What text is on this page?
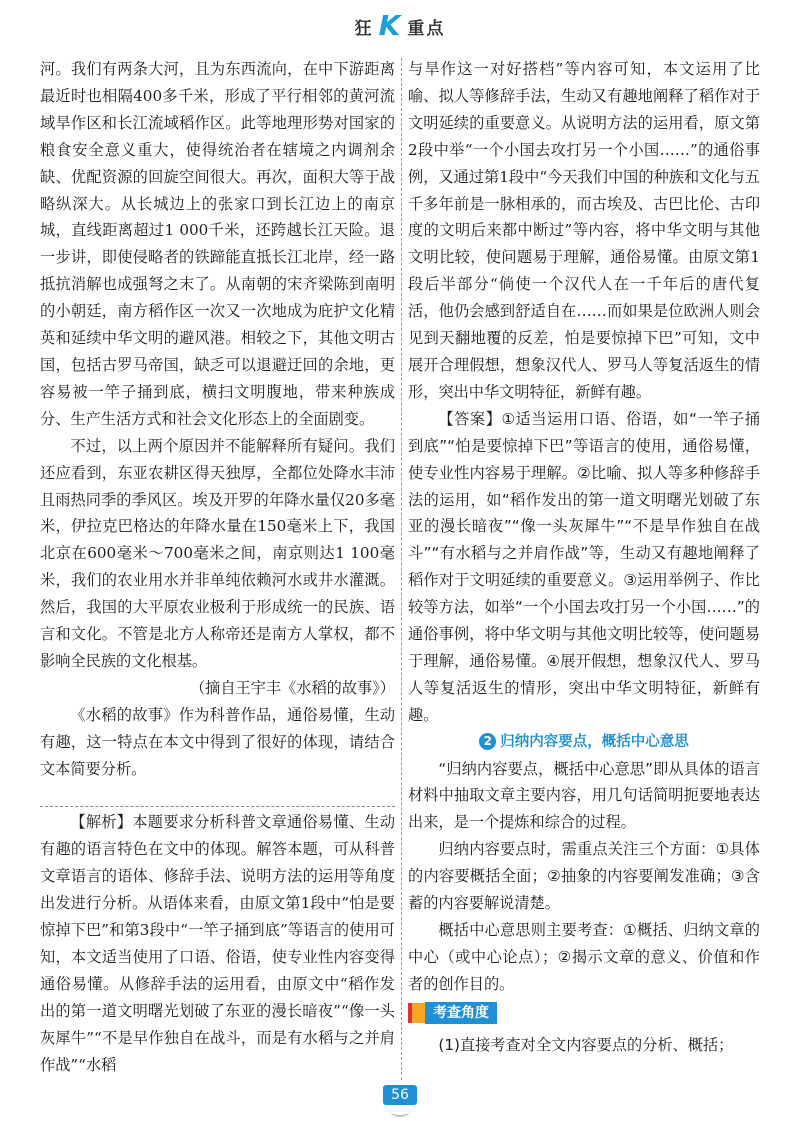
狂 K 重点

河。我们有两条大河，且为东西流向，在中下游距离最近时也相隔400多千米，形成了平行相邻的黄河流域旱作区和长江流域稻作区。此等地理形势对国家的粮食安全意义重大，使得统治者在辖境之内调剂余缺、优配资源的回旋空间很大。再次，面积大等于战略纵深大。从长城边上的张家口到长江边上的南京城，直线距离超过1 000千米，还跨越长江天险。退一步讲，即使侵略者的铁蹄能直抵长江北岸，经一路抵抗消解也成强弩之末了。从南朝的宋齐梁陈到南明的小朝廷，南方稻作区一次又一次地成为庇护文化精英和延续中华文明的避风港。相较之下，其他文明古国，包括古罗马帝国，缺乏可以退避迂回的余地，更容易被一竿子捅到底，横扫文明腹地，带来种族成分、生产生活方式和社会文化形态上的全面剧变。

不过，以上两个原因并不能解释所有疑问。我们还应看到，东亚农耕区得天独厚，全都位处降水丰沛且雨热同季的季风区。埃及开罗的年降水量仅20多毫米，伊拉克巴格达的年降水量在150毫米上下，我国北京在600毫米～700毫米之间，南京则达1 100毫米，我们的农业用水并非单纯依赖河水或井水灌溉。然后，我国的大平原农业极利于形成统一的民族、语言和文化。不管是北方人称帝还是南方人掌权，都不影响全民族的文化根基。

（摘自王宇丰《水稻的故事》）

《水稻的故事》作为科普作品，通俗易懂，生动有趣，这一特点在本文中得到了很好的体现，请结合文本简要分析。

【解析】本题要求分析科普文章通俗易懂、生动有趣的语言特色在文中的体现。解答本题，可从科普文章语言的语体、修辞手法、说明方法的运用等角度出发进行分析。从语体来看，由原文第1段中“怕是要惊掉下巴”和第3段中“一竿子捅到底”等语言的使用可知，本文适当使用了口语、俗语，使专业性内容变得通俗易懂。从修辞手法的运用看，由原文中“稻作发出的第一道文明曙光划破了东亚的漫长暗夜”“像一头灰犀牛”“不是早作独自在战斗，而是有水稻与之并肩作战”“水稻

与旱作这一对好搭档”等内容可知，本文运用了比喻、拟人等修辞手法，生动又有趣地阐释了稻作对于文明延续的重要意义。从说明方法的运用看，原文第2段中举“一个小国去攻打另一个小国……”的通俗事例，又通过第1段中“今天我们中国的种族和文化与五千多年前是一脉相承的，而古埃及、古巴比伦、古印度的文明后来都中断过”等内容，将中华文明与其他文明比较，使问题易于理解，通俗易懂。由原文第1段后半部分“倘使一个汉代人在一千年后的唐代复活，他仍会感到舒适自在……而如果是位欧洲人则会见到天翻地覆的反差，怕是要惊掉下巴”可知，文中展开合理假想，想象汉代人、罗马人等复活返生的情形，突出中华文明特征，新鲜有趣。

【答案】①适当运用口语、俗语，如“一竿子捅到底”“怕是要惊掉下巴”等语言的使用，通俗易懂，使专业性内容易于理解。②比喻、拟人等多种修辞手法的运用，如“稻作发出的第一道文明曙光划破了东亚的漫长暗夜”“像一头灰犀牛”“不是旱作独自在战斗”“有水稻与之并肩作战”等，生动又有趣地阐释了稻作对于文明延续的重要意义。③运用举例子、作比较等方法，如举“一个小国去攻打另一个小国……”的通俗事例，将中华文明与其他文明比较等，使问题易于理解，通俗易懂。④展开假想，想象汉代人、罗马人等复活返生的情形，突出中华文明特征，新鲜有趣。

2 归纳内容要点，概括中心意思

“归纳内容要点，概括中心意思”即从具体的语言材料中抽取文章主要内容，用几句话简明扼要地表达出来，是一个提炼和综合的过程。

归纳内容要点时，需重点关注三个方面：①具体的内容要概括全面；②抽象的内容要阐发准确；③含蓄的内容要解说清楚。

概括中心意思则主要考查：①概括、归纳文章的中心（或中心论点）；②揭示文章的意义、价值和作者的创作目的。

考查角度

(1)直接考查对全文内容要点的分析、概括；

56
